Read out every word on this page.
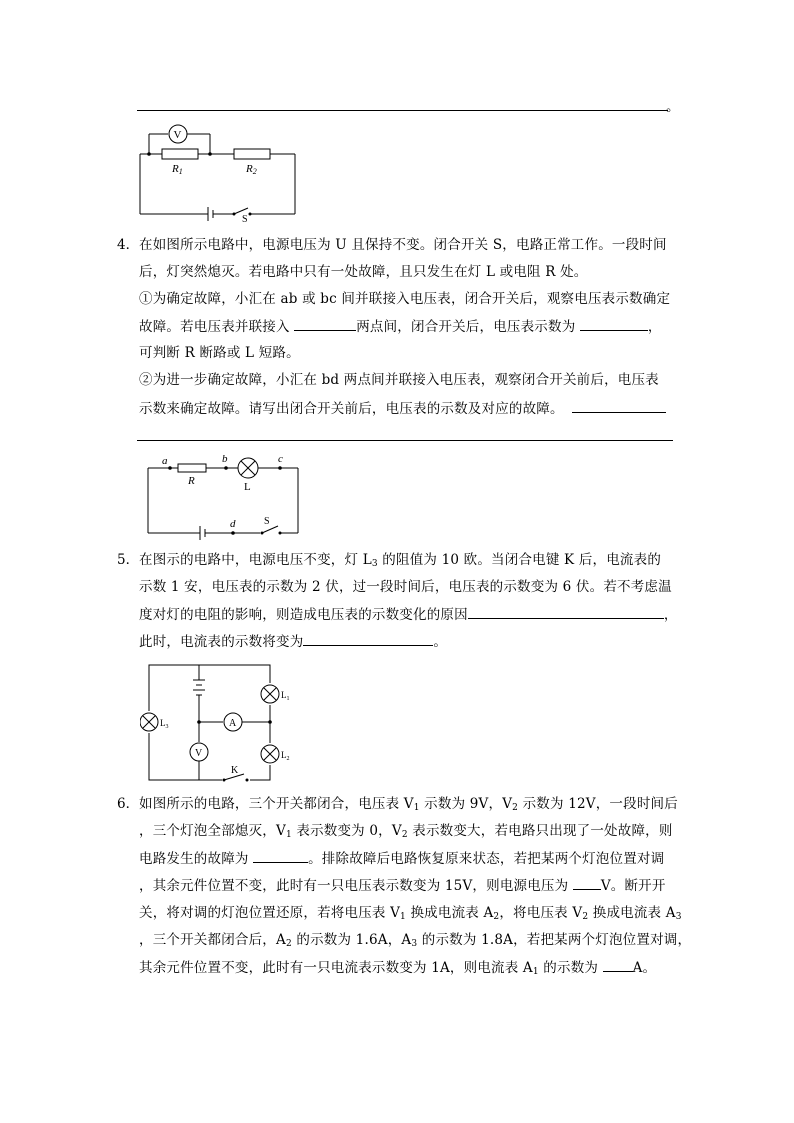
。
V
R1	R2
S
4． 在如图所示电路中，电源电压为 U 且保持不变。闭合开关 S，电路正常工作。一段时间
后，灯突然熄灭。若电路中只有一处故障，且只发生在灯 L 或电阻 R 处。
①为确定故障，小汇在 ab 或 bc 间并联接入电压表，闭合开关后，观察电压表示数确定
故障。若电压表并联接入	两点间，闭合开关后，电压表示数为	，
可判断 R 断路或 L 短路。
②为进一步确定故障，小汇在 bd 两点间并联接入电压表，观察闭合开关前后，电压表
示数来确定故障。请写出闭合开关前后，电压表的示数及对应的故障。
a	b	c
d
R	L
S
5． 在图示的电路中，电源电压不变，灯 $L_3$ 的阻值为 10 欧。当闭合电键 K 后，电流表的
示数 1 安，电压表的示数为 2 伏，过一段时间后，电压表的示数变为 6 伏。若不考虑温
度对灯的电阻的影响，则造成电压表的示数变化的原因	，
此时，电流表的示数将变为	。
A
V
$L_1$
$L_2$
$L_3$
K
6． 如图所示的电路，三个开关都闭合，电压表 $V_1$ 示数为 9V，$V_2$ 示数为 12V，一段时间后
，三个灯泡全部熄灭，$V_1$ 表示数变为 0，$V_2$ 表示数变大，若电路只出现了一处故障，则
电路发生的故障为	。排除故障后电路恢复原来状态，若把某两个灯泡位置对调
，其余元件位置不变，此时有一只电压表示数变为 15V，则电源电压为 V。断开开
关，将对调的灯泡位置还原，若将电压表 $V_1$ 换成电流表 $A_2$，将电压表 $V_2$ 换成电流表 $A_3$
，三个开关都闭合后，$A_2$ 的示数为 1.6A，$A_3$ 的示数为 1.8A，若把某两个灯泡位置对调，
其余元件位置不变，此时有一只电流表示数变为 1A，则电流表 $A_1$ 的示数为 A。
